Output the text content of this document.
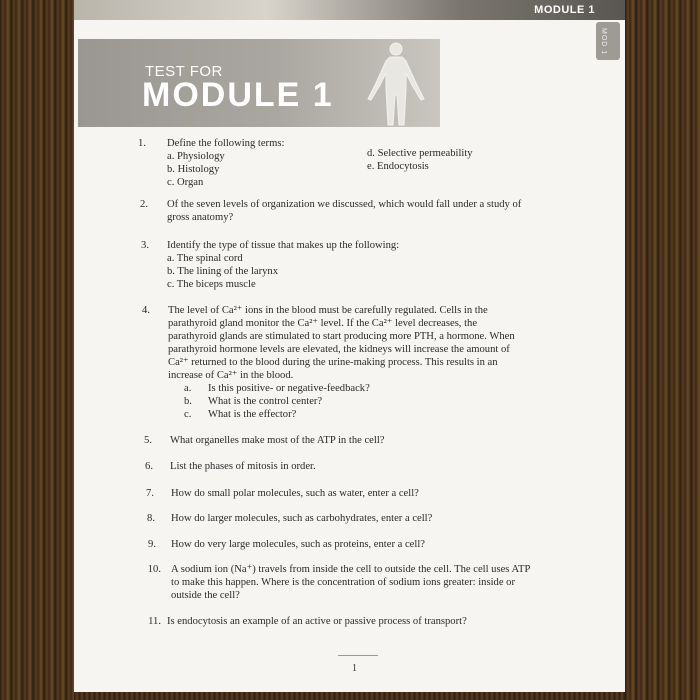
MODULE 1
MOD 1
TEST FOR
MODULE 1
1. Define the following terms:
a. Physiology
b. Histology
c. Organ
d. Selective permeability
e. Endocytosis
2. Of the seven levels of organization we discussed, which would fall under a study of
gross anatomy?
3. Identify the type of tissue that makes up the following:
a. The spinal cord
b. The lining of the larynx
c. The biceps muscle
4. The level of Ca²⁺ ions in the blood must be carefully regulated. Cells in the
parathyroid gland monitor the Ca²⁺ level. If the Ca²⁺ level decreases, the
parathyroid glands are stimulated to start producing more PTH, a hormone. When
parathyroid hormone levels are elevated, the kidneys will increase the amount of
Ca²⁺ returned to the blood during the urine-making process. This results in an
increase of Ca²⁺ in the blood.
a. Is this positive- or negative-feedback?
b. What is the control center?
c. What is the effector?
5. What organelles make most of the ATP in the cell?
6. List the phases of mitosis in order.
7. How do small polar molecules, such as water, enter a cell?
8. How do larger molecules, such as carbohydrates, enter a cell?
9. How do very large molecules, such as proteins, enter a cell?
10. A sodium ion (Na⁺) travels from inside the cell to outside the cell. The cell uses ATP
to make this happen. Where is the concentration of sodium ions greater: inside or
outside the cell?
11. Is endocytosis an example of an active or passive process of transport?
1
